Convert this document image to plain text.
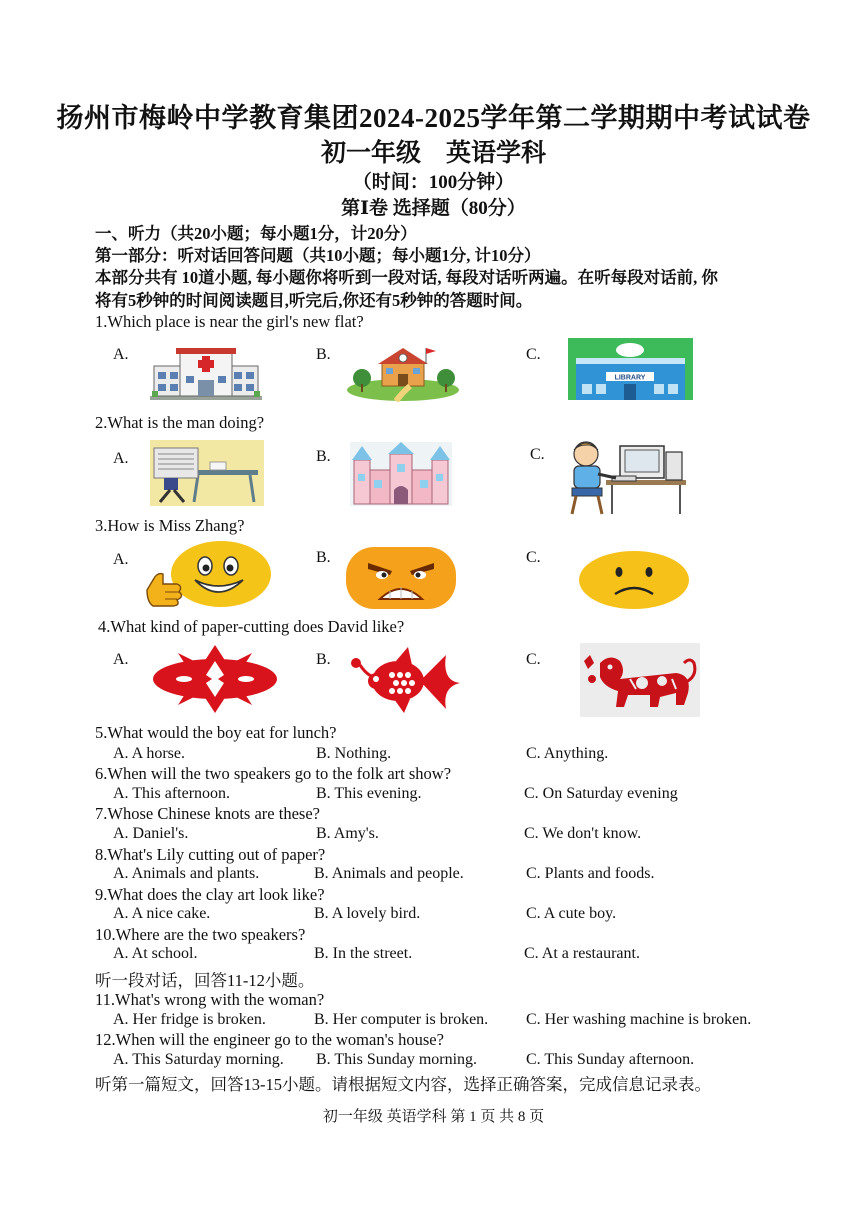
扬州市梅岭中学教育集团2024-2025学年第二学期期中考试试卷
初一年级　英语学科
（时间：100分钟）
第Ⅰ卷 选择题（80分）
一、听力（共20小题；每小题1分，计20分）
第一部分：听对话回答问题（共10小题；每小题1分, 计10分）
本部分共有 10道小题, 每小题你将听到一段对话, 每段对话听两遍。在听每段对话前, 你
将有5秒钟的时间阅读题目,听完后,你还有5秒钟的答题时间。
1.Which place is near the girl's new flat?
A.	B.	C.
LIBRARY
2.What is the man doing?
A.	B.	C.
3.How is Miss Zhang?
A.	B.	C.
4.What kind of paper-cutting does David like?
A.	B.	C.
5.What would the boy eat for lunch?
A. A horse.	B. Nothing.	C. Anything.
6.When will the two speakers go to the folk art show?
A. This afternoon.	B. This evening.	C. On Saturday evening
7.Whose Chinese knots are these?
A. Daniel's.	B. Amy's.	C. We don't know.
8.What's Lily cutting out of paper?
A. Animals and plants.	B. Animals and people.	C. Plants and foods.
9.What does the clay art look like?
A. A nice cake.	B. A lovely bird.	C. A cute boy.
10.Where are the two speakers?
A. At school.	B. In the street.	C. At a restaurant.
听一段对话，回答11-12小题。
11.What's wrong with the woman?
A. Her fridge is broken.	B. Her computer is broken. C. Her washing machine is broken.
12.When will the engineer go to the woman's house?
A. This Saturday morning. B. This Sunday morning.	C. This Sunday afternoon.
听第一篇短文，回答13-15小题。请根据短文内容，选择正确答案，完成信息记录表。
初一年级 英语学科 第 1 页 共 8 页
